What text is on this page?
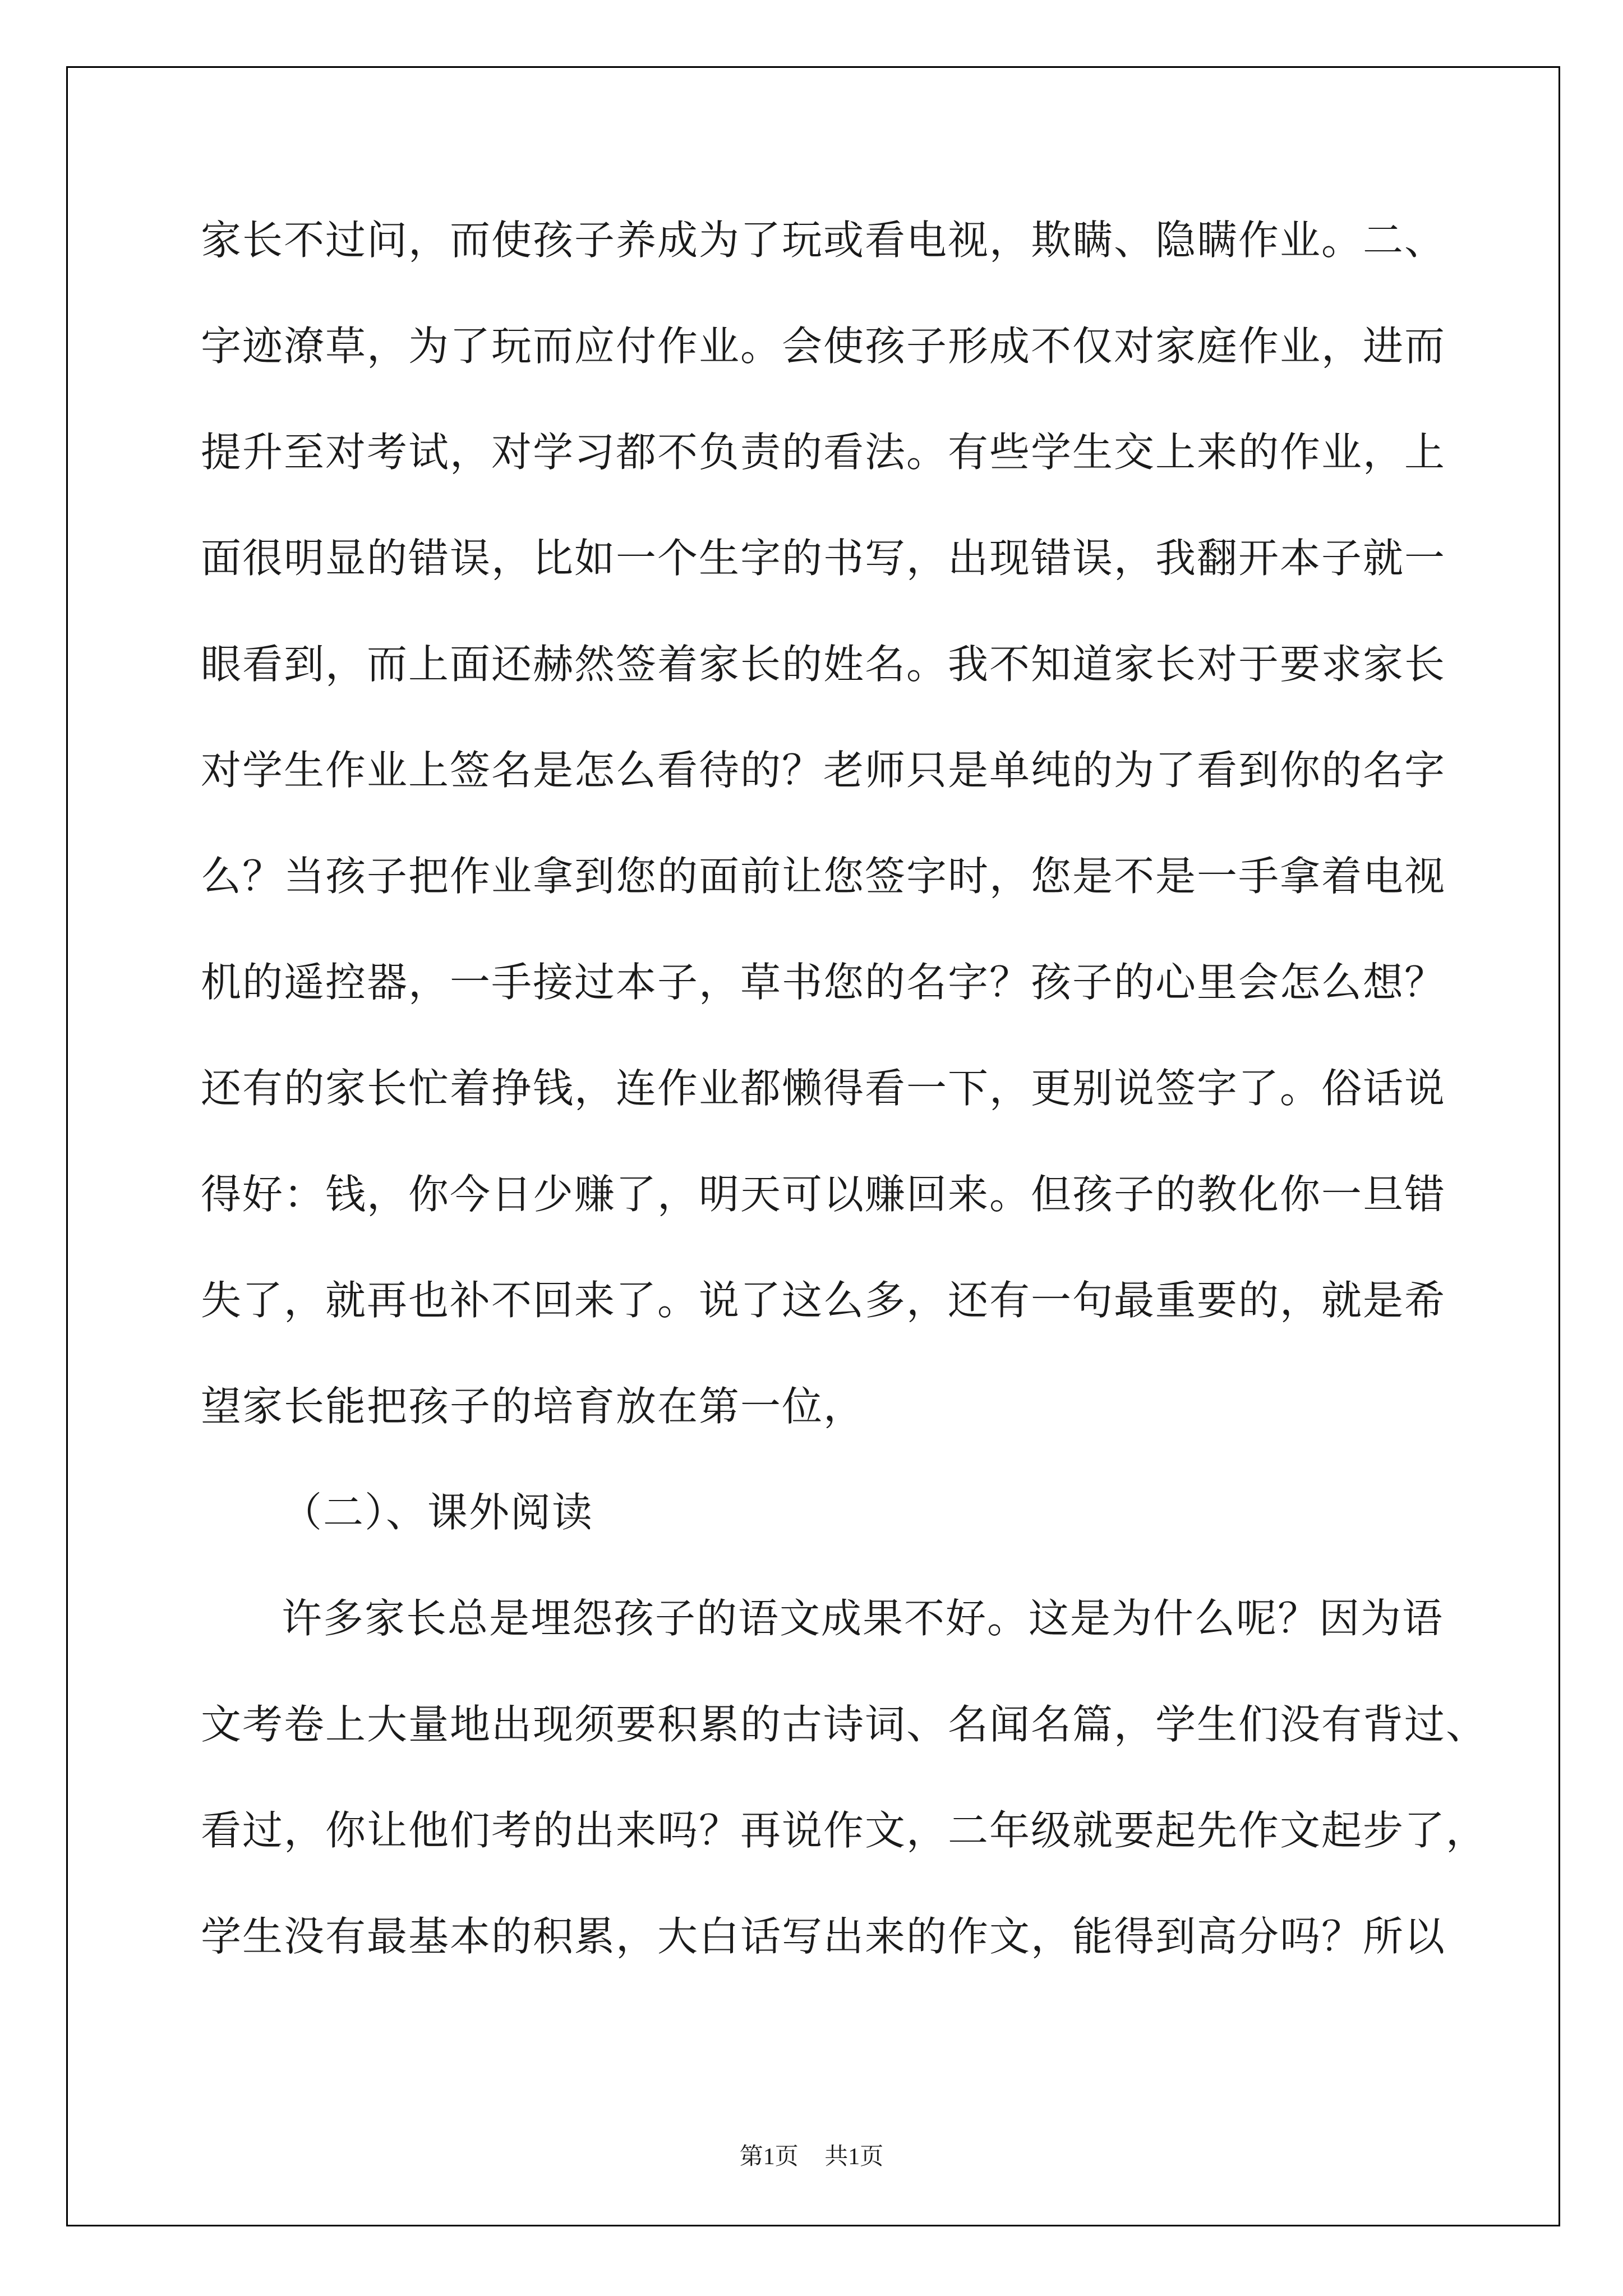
家长不过问，而使孩子养成为了玩或看电视，欺瞒、隐瞒作业。二、
字迹潦草，为了玩而应付作业。会使孩子形成不仅对家庭作业，进而
提升至对考试，对学习都不负责的看法。有些学生交上来的作业，上
面很明显的错误，比如一个生字的书写，出现错误，我翻开本子就一
眼看到，而上面还赫然签着家长的姓名。我不知道家长对于要求家长
对学生作业上签名是怎么看待的？老师只是单纯的为了看到你的名字
么？当孩子把作业拿到您的面前让您签字时，您是不是一手拿着电视
机的遥控器，一手接过本子，草书您的名字？孩子的心里会怎么想？
还有的家长忙着挣钱，连作业都懒得看一下，更别说签字了。俗话说
得好：钱，你今日少赚了，明天可以赚回来。但孩子的教化你一旦错
失了，就再也补不回来了。说了这么多，还有一句最重要的，就是希
望家长能把孩子的培育放在第一位，
（二）、课外阅读
许多家长总是埋怨孩子的语文成果不好。这是为什么呢？因为语
文考卷上大量地出现须要积累的古诗词、名闻名篇，学生们没有背过、
看过，你让他们考的出来吗？再说作文，二年级就要起先作文起步了，
学生没有最基本的积累，大白话写出来的作文，能得到高分吗？所以
第1页 共1页
